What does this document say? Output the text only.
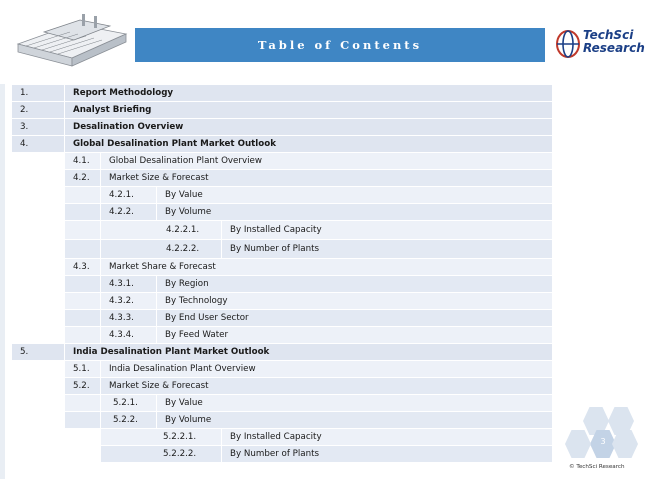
Table of Contents
TechSci
Research
1.	Report Methodology			
2.	Analyst Briefing			
3.	Desalination Overview			
4.	Global Desalination Plant Market Outlook			
	4.1.	Global Desalination Plant Overview		
	4.2.	Market Size & Forecast		
		4.2.1.	By Value	
		4.2.2.	By Volume	
		4.2.2.1.		By Installed Capacity
		4.2.2.2.		By Number of Plants
	4.3.	Market Share & Forecast		
		4.3.1.	By Region	
		4.3.2.	By Technology	
		4.3.3.	By End User Sector	
		4.3.4.	By Feed Water	
5.	India Desalination Plant Market Outlook			
	5.1.	India Desalination Plant Overview		
	5.2.	Market Size & Forecast		
		5.2.1.	By Value	
		5.2.2.	By Volume	
		5.2.2.1.		By Installed Capacity
		5.2.2.2.		By Number of Plants
3
© TechSci Research
